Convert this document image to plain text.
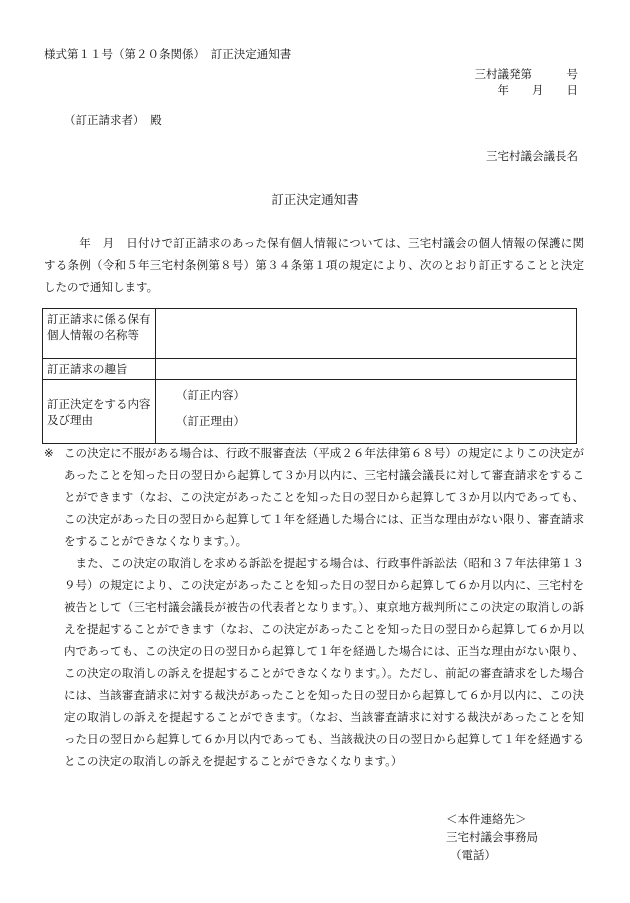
様式第１１号（第２０条関係）　訂正決定通知書
三村議発第　　　号
年　　月　　日
（訂正請求者）　殿
三宅村議会議長名
訂正決定通知書
　　　年　月　日付けで訂正請求のあった保有個人情報については、三宅村議会の個人情報の保護に関する条例（令和５年三宅村条例第８号）第３４条第１項の規定により、次のとおり訂正することと決定したので通知します。
訂正請求に係る保有個人情報の名称等	
訂正請求の趣旨	
訂正決定をする内容及び理由	（訂正内容）
（訂正理由）
※ この決定に不服がある場合は、行政不服審査法（平成２６年法律第６８号）の規定によりこの決定があったことを知った日の翌日から起算して３か月以内に、三宅村議会議長に対して審査請求をすることができます（なお、この決定があったことを知った日の翌日から起算して３か月以内であっても、この決定があった日の翌日から起算して１年を経過した場合には、正当な理由がない限り、審査請求をすることができなくなります。）。
　また、この決定の取消しを求める訴訟を提起する場合は、行政事件訴訟法（昭和３７年法律第１３９号）の規定により、この決定があったことを知った日の翌日から起算して６か月以内に、三宅村を被告として（三宅村議会議長が被告の代表者となります。）、東京地方裁判所にこの決定の取消しの訴えを提起することができます（なお、この決定があったことを知った日の翌日から起算して６か月以内であっても、この決定の日の翌日から起算して１年を経過した場合には、正当な理由がない限り、この決定の取消しの訴えを提起することができなくなります。）。ただし、前記の審査請求をした場合には、当該審査請求に対する裁決があったことを知った日の翌日から起算して６か月以内に、この決定の取消しの訴えを提起することができます。（なお、当該審査請求に対する裁決があったことを知った日の翌日から起算して６か月以内であっても、当該裁決の日の翌日から起算して１年を経過するとこの決定の取消しの訴えを提起することができなくなります。）
＜本件連絡先＞
三宅村議会事務局
（電話）
